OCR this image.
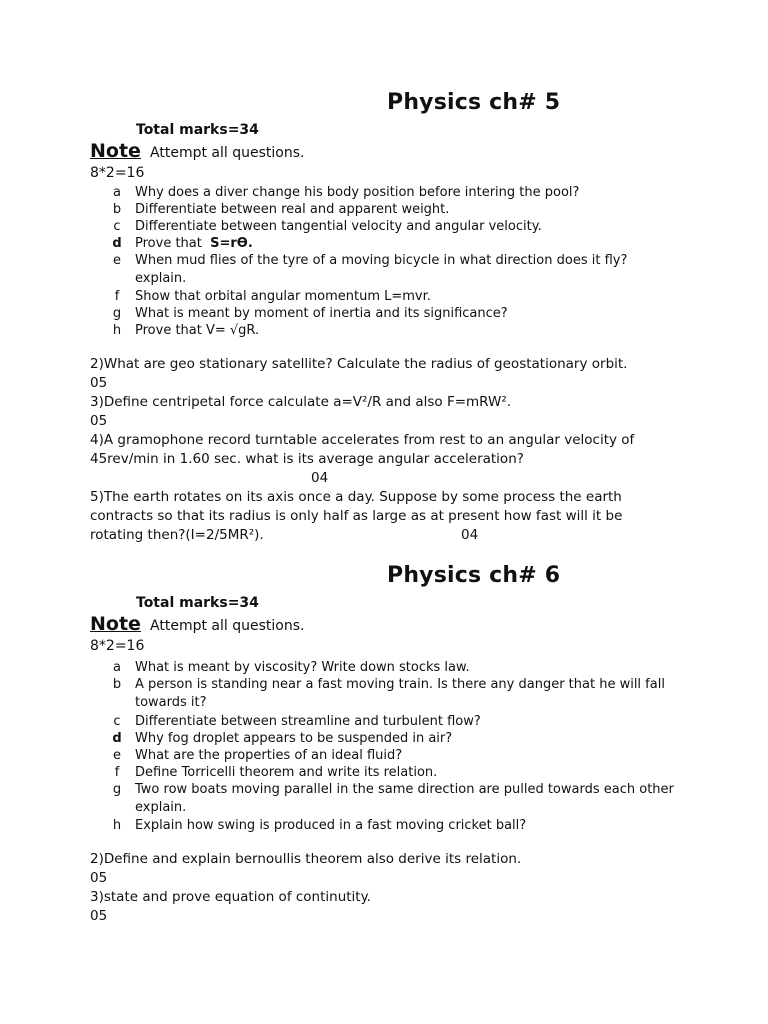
Physics ch# 5
Total marks=34
Note Attempt all questions.
8*2=16
a Why does a diver change his body position before intering the pool?
b Differentiate between real and apparent weight.
c Differentiate between tangential velocity and angular velocity.
d Prove that S=rϴ.
e When mud flies of the tyre of a moving bicycle in what direction does it fly? explain.
f	Show that orbital angular momentum L=mvr.
g What is meant by moment of inertia and its significance?
h Prove that V= √gR.
2)What are geo stationary satellite? Calculate the radius of geostationary orbit.
05
3)Define centripetal force calculate a=V²/R and also F=mRW².
05
4)A gramophone record turntable accelerates from rest to an angular velocity of 45rev/min in 1.60 sec. what is its average angular acceleration?
04
5)The earth rotates on its axis once a day. Suppose by some process the earth
contracts so that its radius is only half as large as at present how fast will it be
rotating then?(I=2/5MR²).	04
Physics ch# 6
Total marks=34
Note Attempt all questions.
8*2=16
a What is meant by viscosity? Write down stocks law.
b A person is standing near a fast moving train. Is there any danger that he will fall towards it?
c Differentiate between streamline and turbulent flow?
d Why fog droplet appears to be suspended in air?
e What are the properties of an ideal fluid?
f	Define Torricelli theorem and write its relation.
g Two row boats moving parallel in the same direction are pulled towards each other explain.
h Explain how swing is produced in a fast moving cricket ball?
2)Define and explain bernoullis theorem also derive its relation.
05
3)state and prove equation of continutity.
05
